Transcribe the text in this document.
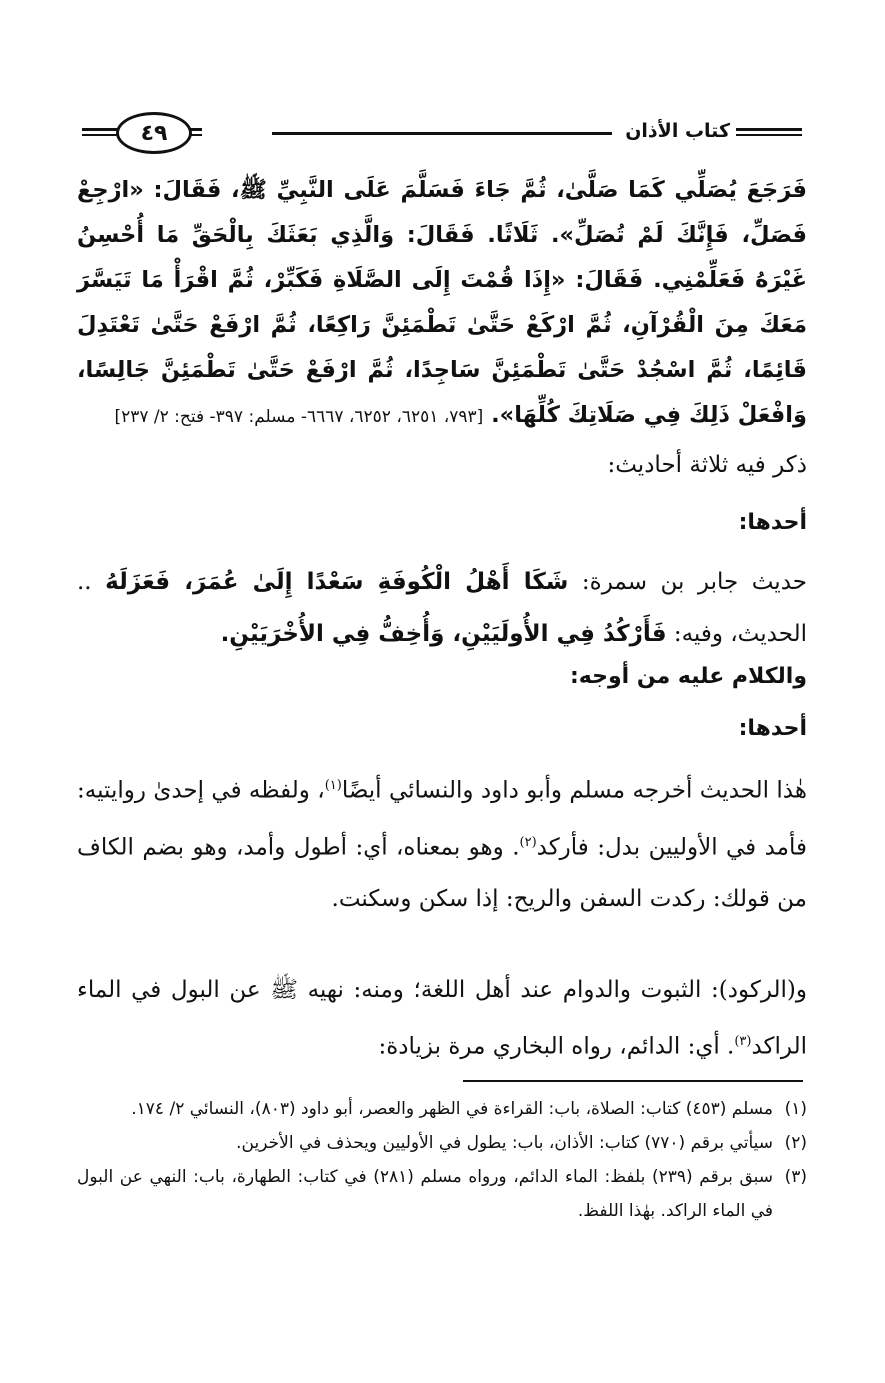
٤٩	كتاب الأذان
فَرَجَعَ يُصَلِّي كَمَا صَلَّىٰ، ثُمَّ جَاءَ فَسَلَّمَ عَلَى النَّبِيِّ ﷺ، فَقَالَ: «ارْجِعْ فَصَلِّ، فَإِنَّكَ لَمْ تُصَلِّ». ثَلَاثًا. فَقَالَ: وَالَّذِي بَعَثَكَ بِالْحَقِّ مَا أُحْسِنُ غَيْرَهُ فَعَلِّمْنِي. فَقَالَ: «إِذَا قُمْتَ إِلَى الصَّلَاةِ فَكَبِّرْ، ثُمَّ اقْرَأْ مَا تَيَسَّرَ مَعَكَ مِنَ الْقُرْآنِ، ثُمَّ ارْكَعْ حَتَّىٰ تَطْمَئِنَّ رَاكِعًا، ثُمَّ ارْفَعْ حَتَّىٰ تَعْتَدِلَ قَائِمًا، ثُمَّ اسْجُدْ حَتَّىٰ تَطْمَئِنَّ سَاجِدًا، ثُمَّ ارْفَعْ حَتَّىٰ تَطْمَئِنَّ جَالِسًا، وَافْعَلْ ذَلِكَ فِي صَلَاتِكَ كُلِّهَا». [٧٩٣، ٦٢٥١، ٦٢٥٢، ٦٦٦٧- مسلم: ٣٩٧- فتح: ٢/ ٢٣٧]
ذكر فيه ثلاثة أحاديث:
أحدها:
حديث جابر بن سمرة: شَكَا أَهْلُ الْكُوفَةِ سَعْدًا إِلَىٰ عُمَرَ، فَعَزَلَهُ .. الحديث، وفيه: فَأَرْكُدُ فِي الأُولَيَيْنِ، وَأُخِفُّ فِي الأُخْرَيَيْنِ.
والكلام عليه من أوجه:
أحدها:
هٰذا الحديث أخرجه مسلم وأبو داود والنسائي أيضًا$^{(١)}$، ولفظه في إحدىٰ روايتيه: فأمد في الأوليين بدل: فأركد$^{(٢)}$. وهو بمعناه، أي: أطول وأمد، وهو بضم الكاف من قولك: ركدت السفن والريح: إذا سكن وسكنت.
و(الركود): الثبوت والدوام عند أهل اللغة؛ ومنه: نهيه ﷺ عن البول في الماء الراكد$^{(٣)}$. أي: الدائم، رواه البخاري مرة بزيادة:
(١)
مسلم (٤٥٣) كتاب: الصلاة، باب: القراءة في الظهر والعصر، أبو داود (٨٠٣)، النسائي ٢/ ١٧٤.
(٢)
سيأتي برقم (٧٧٠) كتاب: الأذان، باب: يطول في الأوليين ويحذف في الأخرين.
(٣)
سبق برقم (٢٣٩) بلفظ: الماء الدائم، ورواه مسلم (٢٨١) في كتاب: الطهارة، باب: النهي عن البول في الماء الراكد. بهٰذا اللفظ.
